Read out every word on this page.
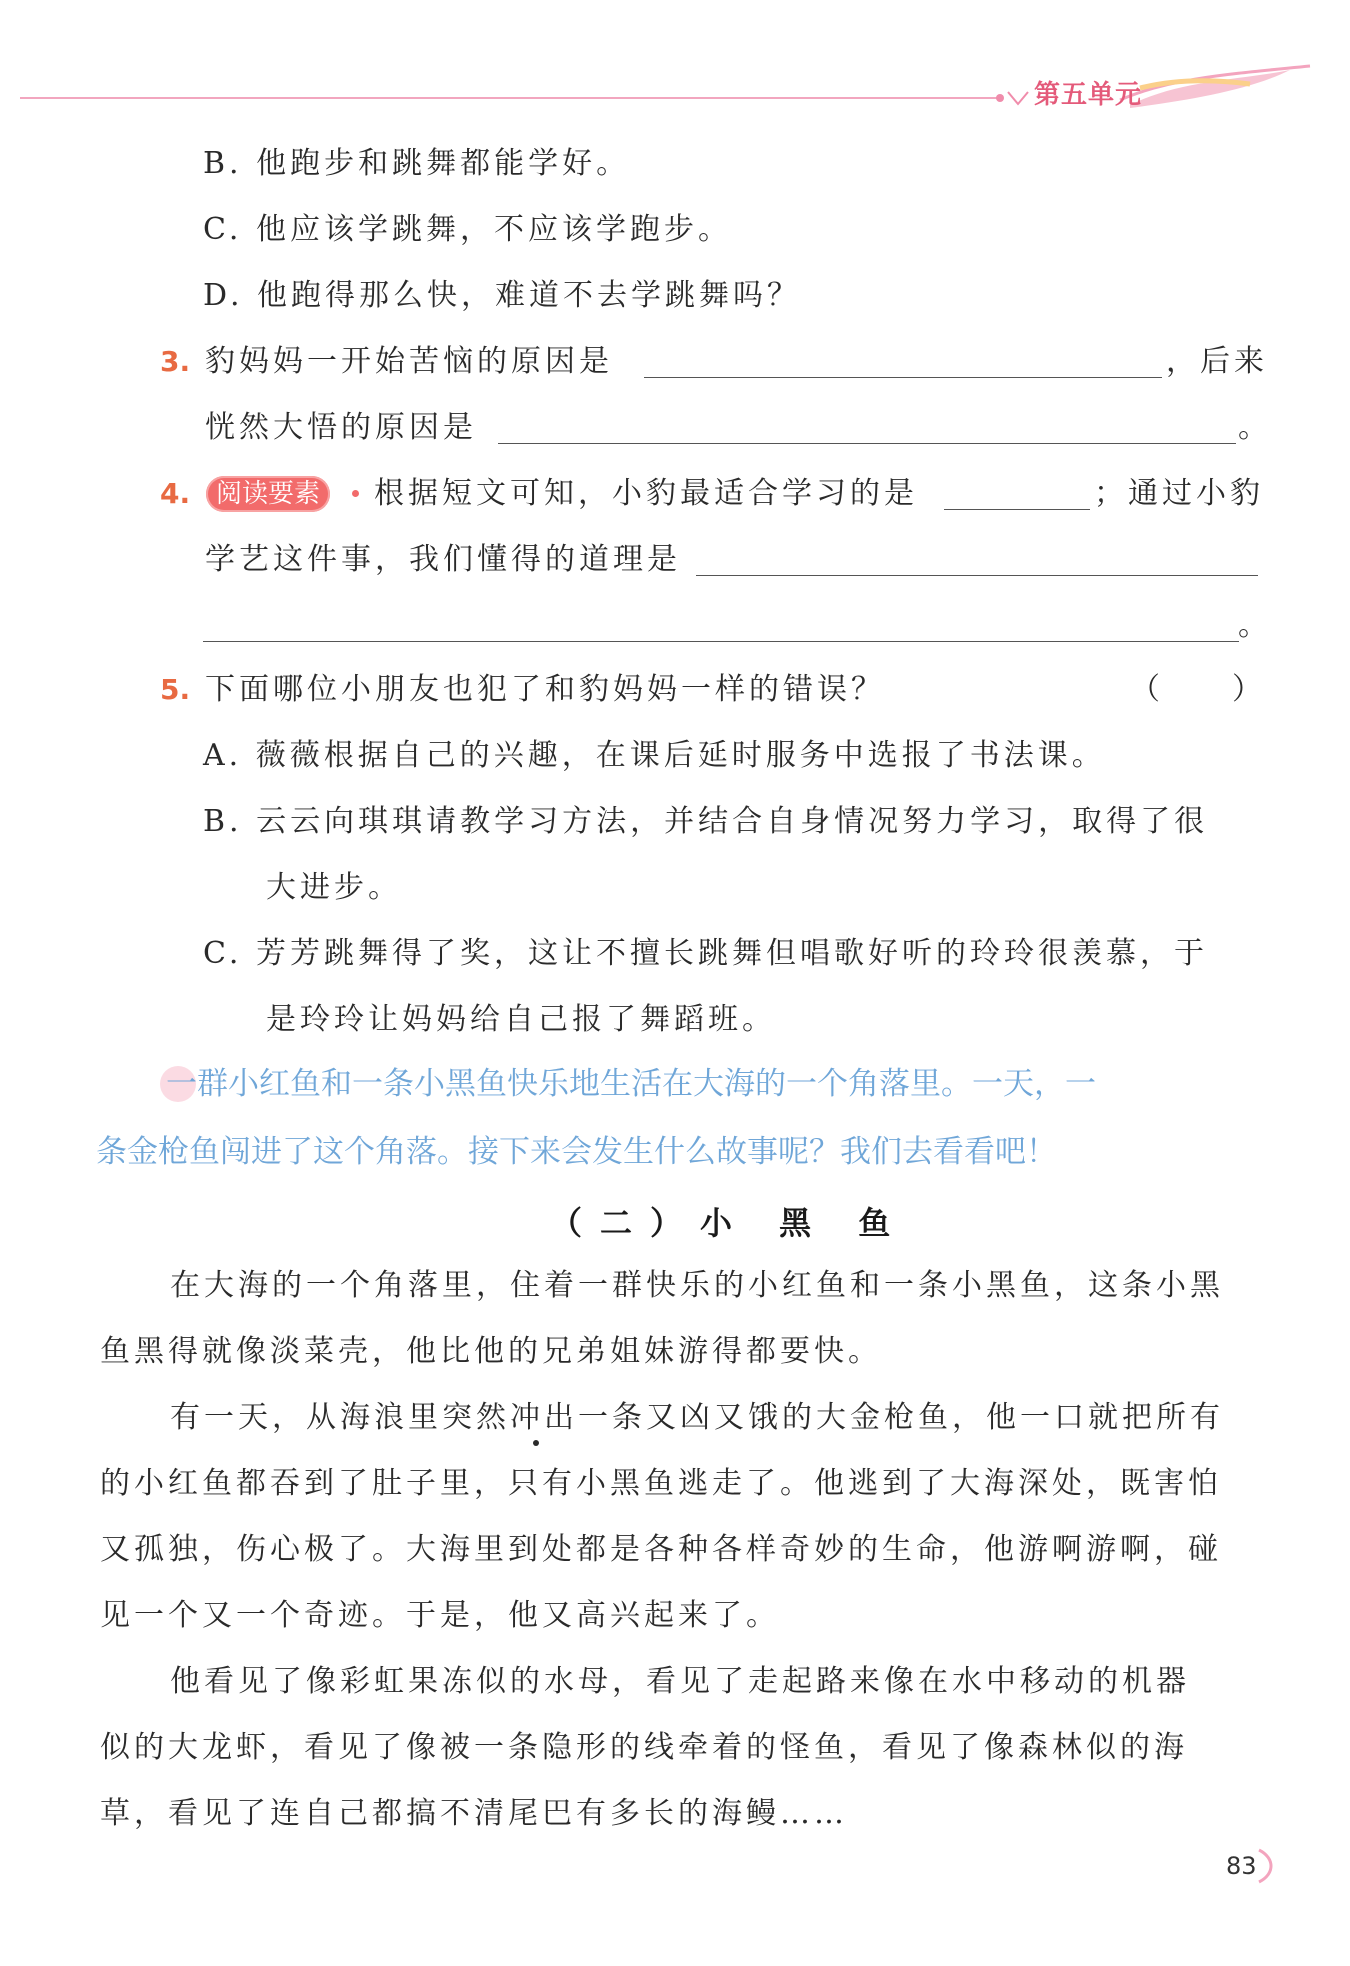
第五单元
B. 他跑步和跳舞都能学好。
C. 他应该学跳舞，不应该学跑步。
D. 他跑得那么快，难道不去学跳舞吗？
3. 豹妈妈一开始苦恼的原因是	，后来
恍然大悟的原因是	。
4. 阅读要素	根据短文可知，小豹最适合学习的是	；通过小豹
学艺这件事，我们懂得的道理是
。
5. 下面哪位小朋友也犯了和豹妈妈一样的错误？	（　　）
A. 薇薇根据自己的兴趣，在课后延时服务中选报了书法课。
B. 云云向琪琪请教学习方法，并结合自身情况努力学习，取得了很
大进步。
C. 芳芳跳舞得了奖，这让不擅长跳舞但唱歌好听的玲玲很羡慕，于
是玲玲让妈妈给自己报了舞蹈班。
一群小红鱼和一条小黑鱼快乐地生活在大海的一个角落里。一天，一
条金枪鱼闯进了这个角落。接下来会发生什么故事呢？我们去看看吧！
（二）小 黑 鱼
在大海的一个角落里，住着一群快乐的小红鱼和一条小黑鱼，这条小黑
鱼黑得就像淡菜壳，他比他的兄弟姐妹游得都要快。
有一天，从海浪里突然冲出一条又凶又饿的大金枪鱼，他一口就把所有
的小红鱼都吞到了肚子里，只有小黑鱼逃走了。他逃到了大海深处，既害怕
又孤独，伤心极了。大海里到处都是各种各样奇妙的生命，他游啊游啊，碰
见一个又一个奇迹。于是，他又高兴起来了。
他看见了像彩虹果冻似的水母，看见了走起路来像在水中移动的机器
似的大龙虾，看见了像被一条隐形的线牵着的怪鱼，看见了像森林似的海
草，看见了连自己都搞不清尾巴有多长的海鳗……
83
